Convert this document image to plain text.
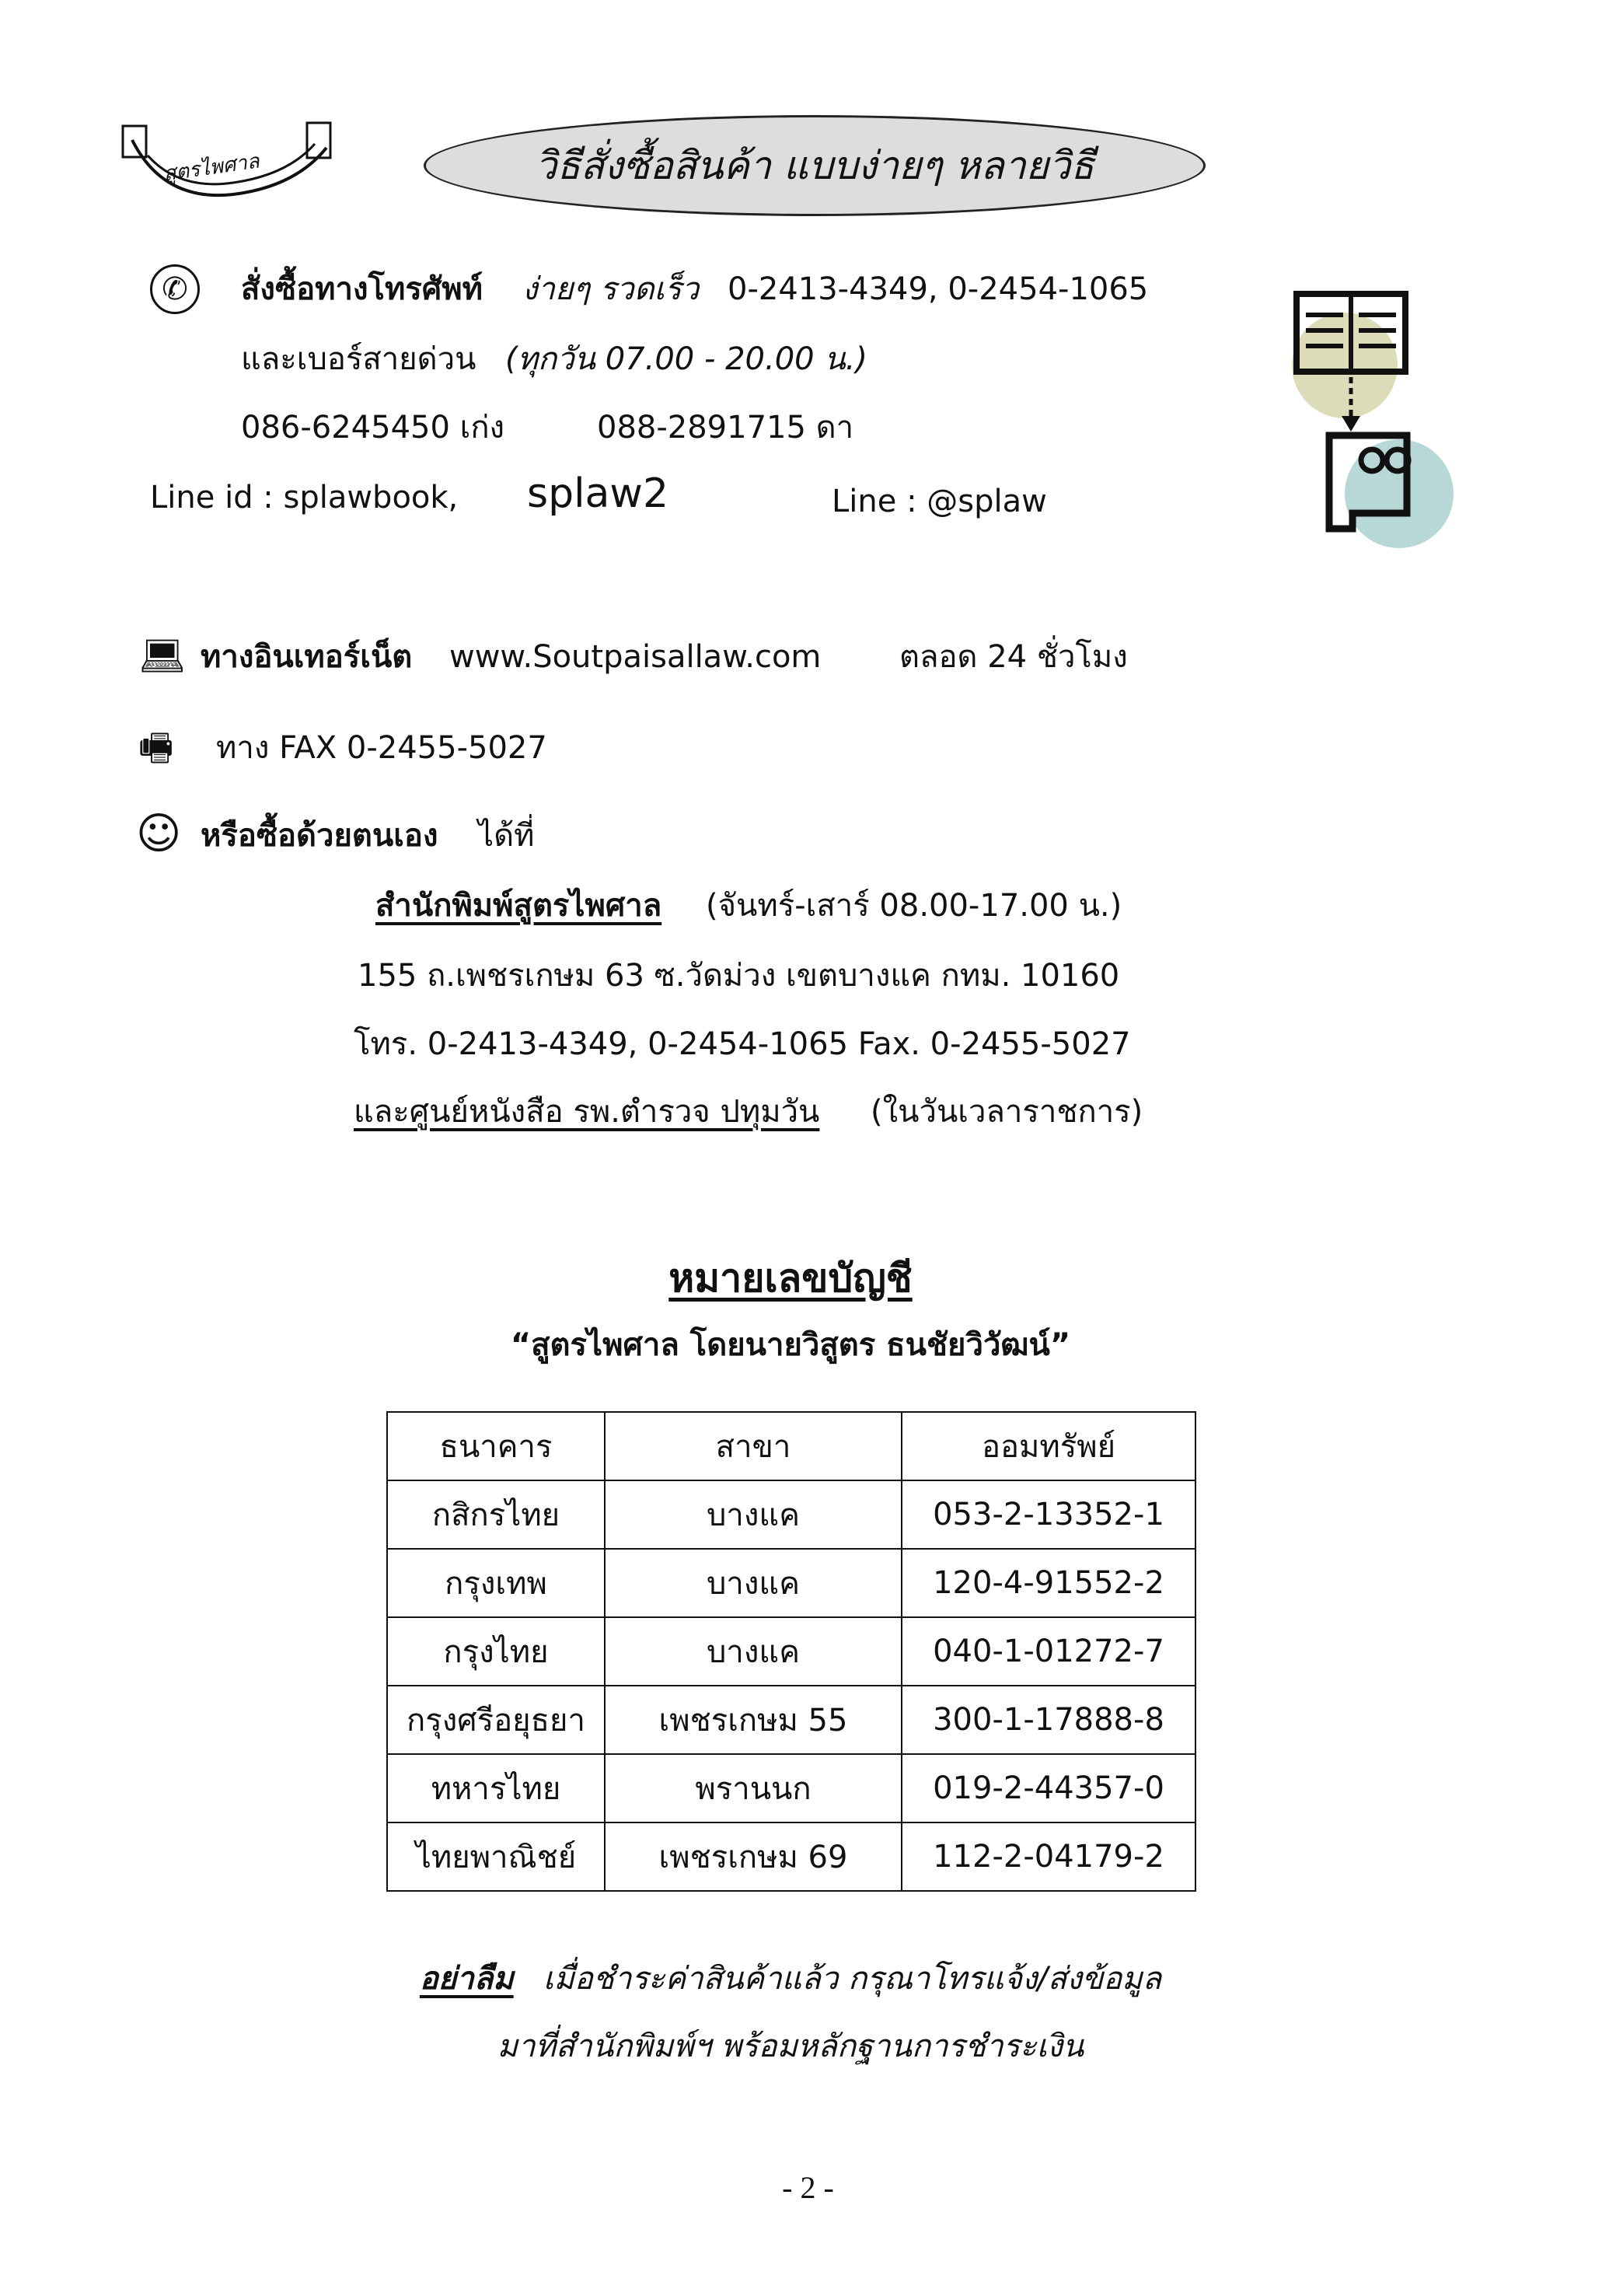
สูตรไพศาล	วิธีสั่งซื้อสินค้า แบบง่ายๆ หลายวิธี
✆	สั่งซื้อทางโทรศัพท์ ง่ายๆ รวดเร็ว 0-2413-4349, 0-2454-1065
และเบอร์สายด่วน (ทุกวัน 07.00 - 20.00 น.)
086-6245450 เก่ง	088-2891715 ดา
Line id : splawbook, splaw2	Line : @splaw
💻︎ ทางอินเทอร์เน็ต www.Soutpaisallaw.com	ตลอด 24 ชั่วโมง
🖷 ทาง FAX 0-2455-5027
☺ หรือซื้อด้วยตนเอง ได้ที่
สำนักพิมพ์สูตรไพศาล (จันทร์-เสาร์ 08.00-17.00 น.)
155 ถ.เพชรเกษม 63 ซ.วัดม่วง เขตบางแค กทม. 10160
โทร. 0-2413-4349, 0-2454-1065 Fax. 0-2455-5027
และศูนย์หนังสือ รพ.ตำรวจ ปทุมวัน (ในวันเวลาราชการ)
หมายเลขบัญชี
“สูตรไพศาล โดยนายวิสูตร ธนชัยวิวัฒน์”
ธนาคาร	สาขา	ออมทรัพย์
กสิกรไทย	บางแค	053-2-13352-1
กรุงเทพ	บางแค	120-4-91552-2
กรุงไทย	บางแค	040-1-01272-7
กรุงศรีอยุธยา	เพชรเกษม 55	300-1-17888-8
ทหารไทย	พรานนก	019-2-44357-0
ไทยพาณิชย์	เพชรเกษม 69	112-2-04179-2
อย่าลืม เมื่อชำระค่าสินค้าแล้ว กรุณาโทรแจ้ง/ส่งข้อมูล
มาที่สำนักพิมพ์ฯ พร้อมหลักฐานการชำระเงิน
- 2 -
